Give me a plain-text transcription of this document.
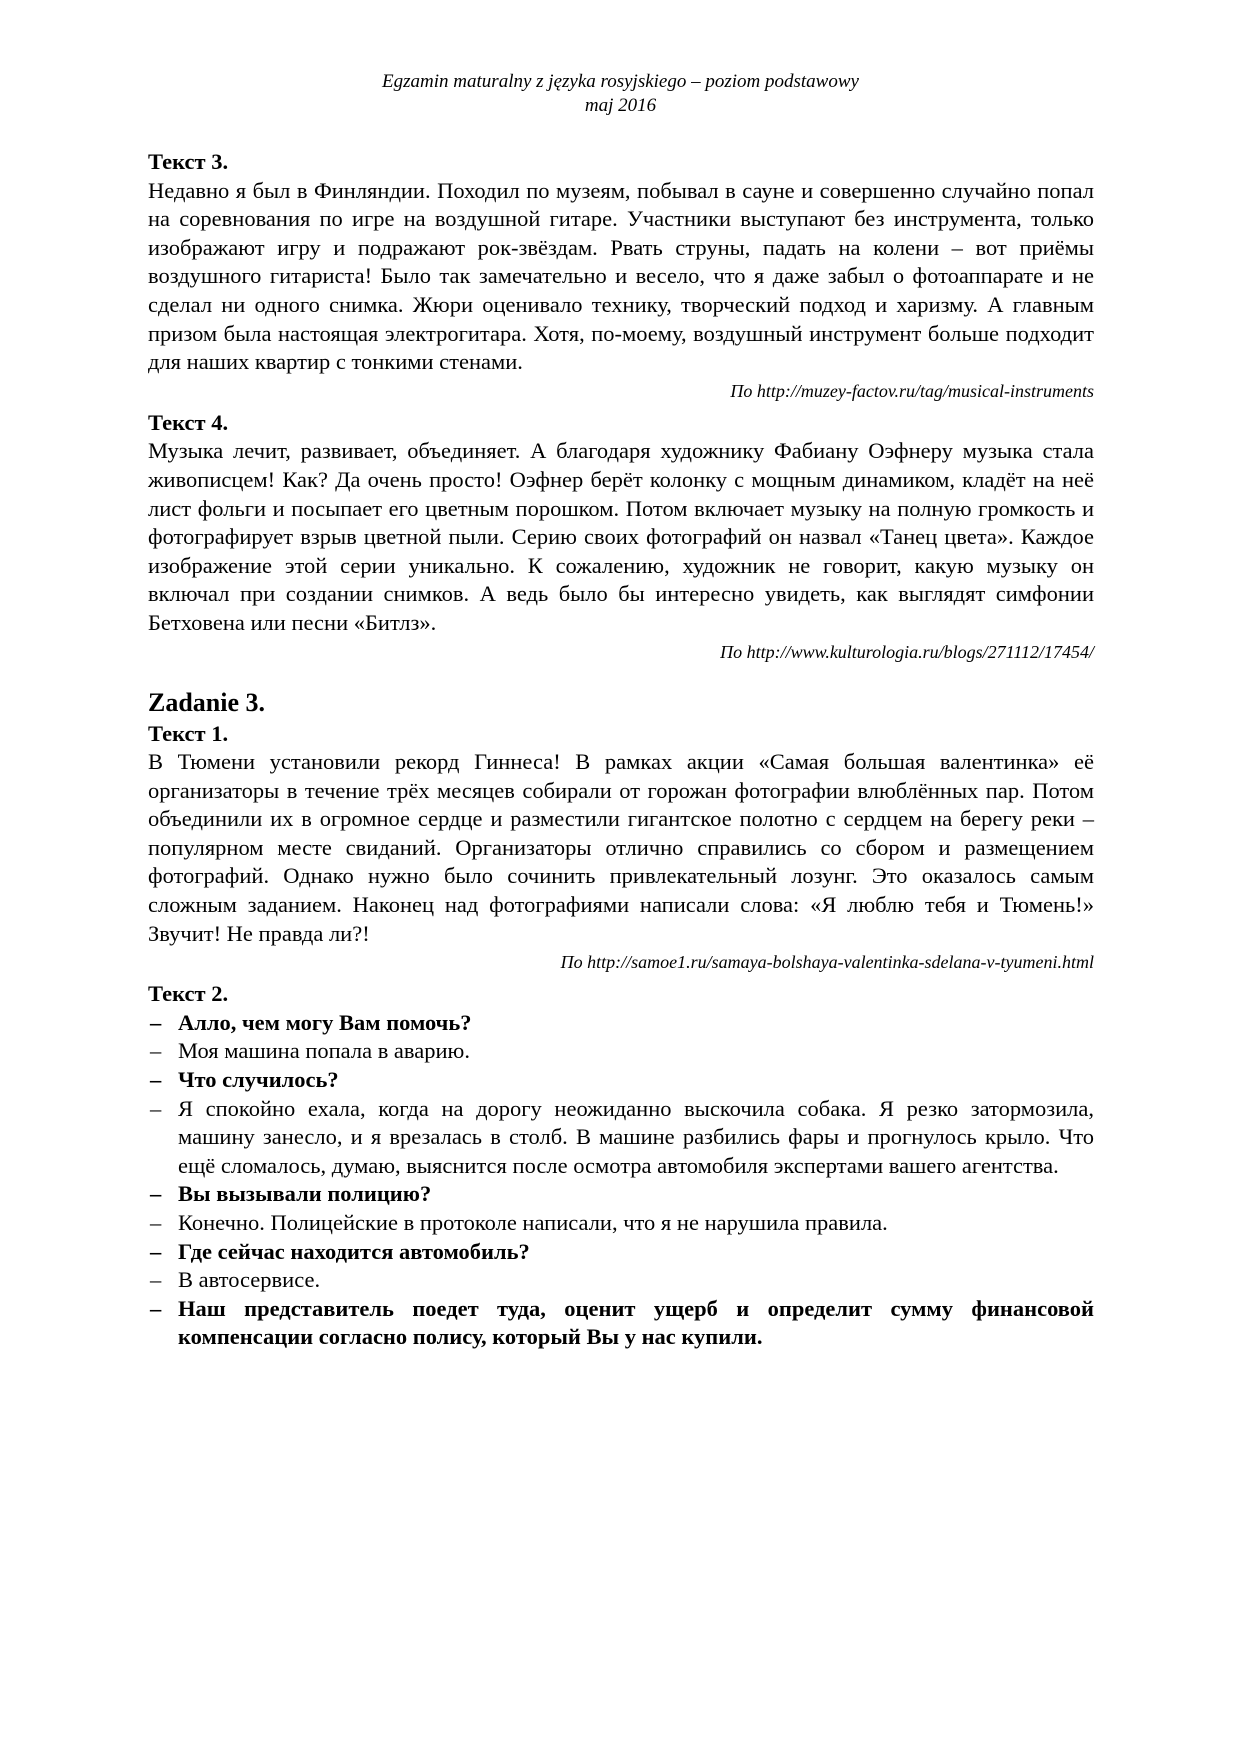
Egzamin maturalny z języka rosyjskiego – poziom podstawowy
maj 2016

Текст 3.

Недавно я был в Финляндии. Походил по музеям, побывал в сауне и совершенно случайно попал на соревнования по игре на воздушной гитаре. Участники выступают без инструмента, только изображают игру и подражают рок-звёздам. Рвать струны, падать на колени – вот приёмы воздушного гитариста! Было так замечательно и весело, что я даже забыл о фотоаппарате и не сделал ни одного снимка. Жюри оценивало технику, творческий подход и харизму. А главным призом была настоящая электрогитара. Хотя, по-моему, воздушный инструмент больше подходит для наших квартир с тонкими стенами.

По http://muzey-factov.ru/tag/musical-instruments

Текст 4.

Музыка лечит, развивает, объединяет. А благодаря художнику Фабиану Оэфнеру музыка стала живописцем! Как? Да очень просто! Оэфнер берёт колонку с мощным динамиком, кладёт на неё лист фольги и посыпает его цветным порошком. Потом включает музыку на полную громкость и фотографирует взрыв цветной пыли. Серию своих фотографий он назвал «Танец цвета». Каждое изображение этой серии уникально. К сожалению, художник не говорит, какую музыку он включал при создании снимков. А ведь было бы интересно увидеть, как выглядят симфонии Бетховена или песни «Битлз».

По http://www.kulturologia.ru/blogs/271112/17454/

Zadanie 3.

Текст 1.

В Тюмени установили рекорд Гиннеса! В рамках акции «Самая большая валентинка» её организаторы в течение трёх месяцев собирали от горожан фотографии влюблённых пар. Потом объединили их в огромное сердце и разместили гигантское полотно с сердцем на берегу реки – популярном месте свиданий. Организаторы отлично справились со сбором и размещением фотографий. Однако нужно было сочинить привлекательный лозунг. Это оказалось самым сложным заданием. Наконец над фотографиями написали слова: «Я люблю тебя и Тюмень!» Звучит! Не правда ли?!

По http://samoe1.ru/samaya-bolshaya-valentinka-sdelana-v-tyumeni.html

Текст 2.

– Алло, чем могу Вам помочь?
– Моя машина попала в аварию.
– Что случилось?
– Я спокойно ехала, когда на дорогу неожиданно выскочила собака. Я резко затормозила, машину занесло, и я врезалась в столб. В машине разбились фары и прогнулось крыло. Что ещё сломалось, думаю, выяснится после осмотра автомобиля экспертами вашего агентства.
– Вы вызывали полицию?
– Конечно. Полицейские в протоколе написали, что я не нарушила правила.
– Где сейчас находится автомобиль?
– В автосервисе.
– Наш представитель поедет туда, оценит ущерб и определит сумму финансовой компенсации согласно полису, который Вы у нас купили.
